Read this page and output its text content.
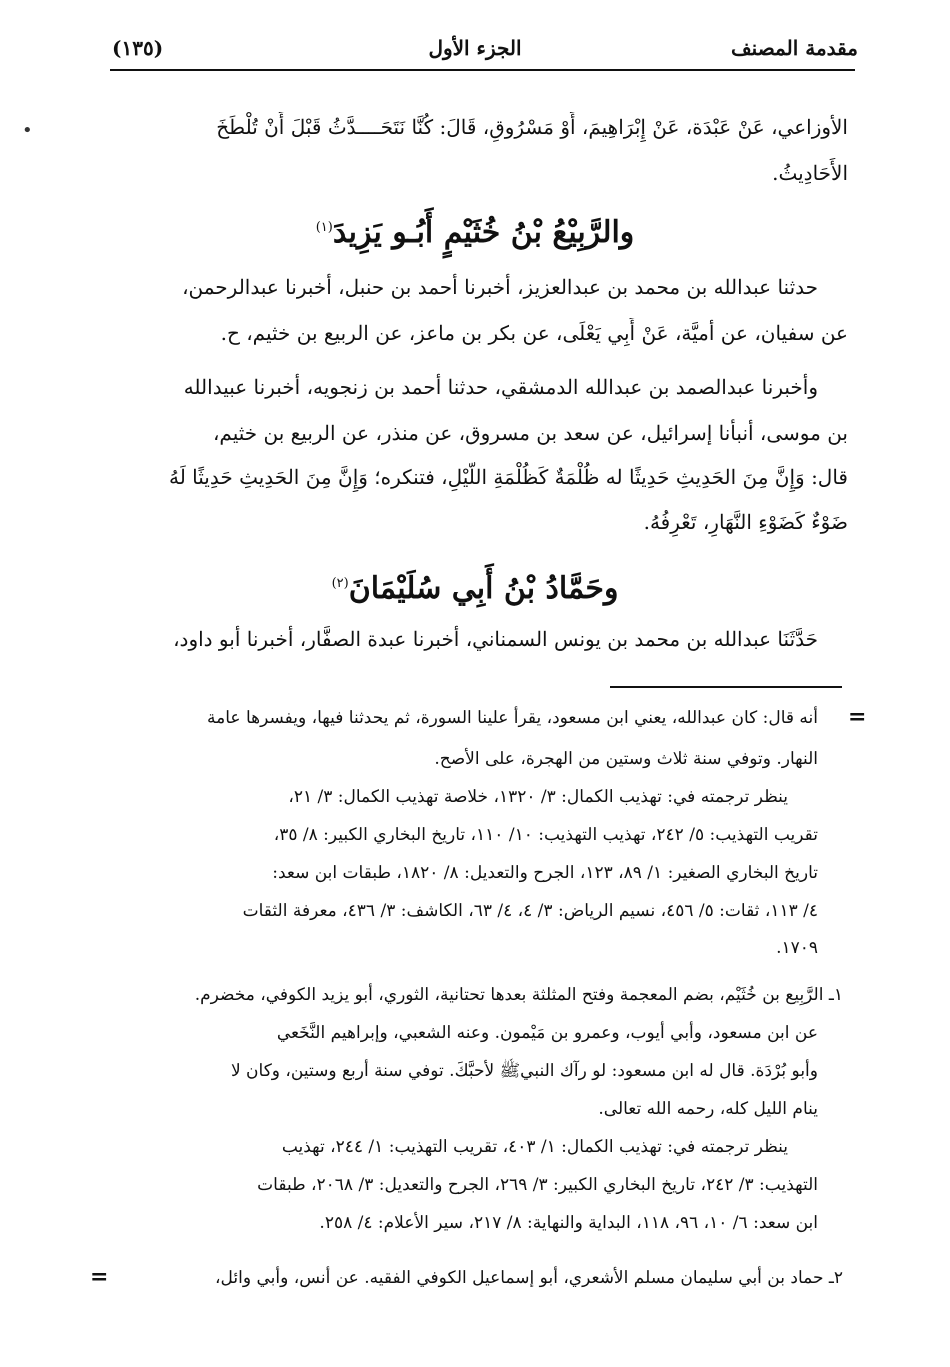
مقدمة المصنف
الجزء الأول
(١٣٥)
•	الأوزاعي، عَنْ عَبْدَة، عَنْ إِبْرَاهِيمَ، أَوْ مَسْرُوقٍ، قَالَ: كُنَّا نَتَحَــــدَّثُ قَبْلَ أَنْ تُلْطَخَ
الأَحَادِيثُ.
والرَّبِيْعُ بْنُ خُثَيْمٍ أَبُـو يَزِيدَ$^{(١)}$
حدثنا عبدالله بن محمد بن عبدالعزيز، أخبرنا أحمد بن حنبل، أخبرنا عبدالرحمن،
عن سفيان، عن أميَّة، عَنْ أَبِي يَعْلَى، عن بكر بن ماعز، عن الربيع بن خثيم، ح.
وأخبرنا عبدالصمد بن عبدالله الدمشقي، حدثنا أحمد بن زنجويه، أخبرنا عبيدالله
بن موسى، أنبأنا إسرائيل، عن سعد بن مسروق، عن منذر، عن الربيع بن خثيم،
قال: وَإِنَّ مِنَ الحَدِيثِ حَدِيثًا له ظُلْمَةٌ كَظُلْمَةِ اللَّيْلِ، فتنكره؛ وَإِنَّ مِنَ الحَدِيثِ حَدِيثًا لَهُ
ضَوْءٌ كَضَوْءِ النَّهَارِ، تَعْرِفُهُ.
وحَمَّادُ بْنُ أَبِي سُلَيْمَانَ$^{(٢)}$
حَدَّثَنَا عبدالله بن محمد بن يونس السمناني، أخبرنا عبدة الصفَّار، أخبرنا أبو داود،
=
أنه قال: كان عبدالله، يعني ابن مسعود، يقرأ علينا السورة، ثم يحدثنا فيها، ويفسرها عامة
النهار. وتوفي سنة ثلاث وستين من الهجرة، على الأصح.
ينظر ترجمته في: تهذيب الكمال: ٣/ ١٣٢٠، خلاصة تهذيب الكمال: ٣/ ٢١،
تقريب التهذيب: ٥/ ٢٤٢، تهذيب التهذيب: ١٠/ ١١٠، تاريخ البخاري الكبير: ٨/ ٣٥،
تاريخ البخاري الصغير: ١/ ٨٩، ١٢٣، الجرح والتعديل: ٨/ ١٨٢٠، طبقات ابن سعد:
٤/ ١١٣، ثقات: ٥/ ٤٥٦، نسيم الرياض: ٣/ ٤، ٤/ ٦٣، الكاشف: ٣/ ٤٣٦، معرفة الثقات
١٧٠٩.
١ـ الرَّبِيع بن خُثَيْم، بضم المعجمة وفتح المثلثة بعدها تحتانية، الثوري، أبو يزيد الكوفي، مخضرم.
عن ابن مسعود، وأبي أيوب، وعمرو بن مَيْمون. وعنه الشعبي، وإبراهيم النَّخَعي
وأبو بُرْدَة. قال له ابن مسعود: لو رآك النبيﷺ لأحبَّكَ. توفي سنة أربع وستين، وكان لا
ينام الليل كله، رحمه الله تعالى.
ينظر ترجمته في: تهذيب الكمال: ١/ ٤٠٣، تقريب التهذيب: ١/ ٢٤٤، تهذيب
التهذيب: ٣/ ٢٤٢، تاريخ البخاري الكبير: ٣/ ٢٦٩، الجرح والتعديل: ٣/ ٢٠٦٨، طبقات
ابن سعد: ٦/ ١٠، ٩٦، ١١٨، البداية والنهاية: ٨/ ٢١٧، سير الأعلام: ٤/ ٢٥٨.
٢ـ حماد بن أبي سليمان مسلم الأشعري، أبو إسماعيل الكوفي الفقيه. عن أنس، وأبي وائل،
=
